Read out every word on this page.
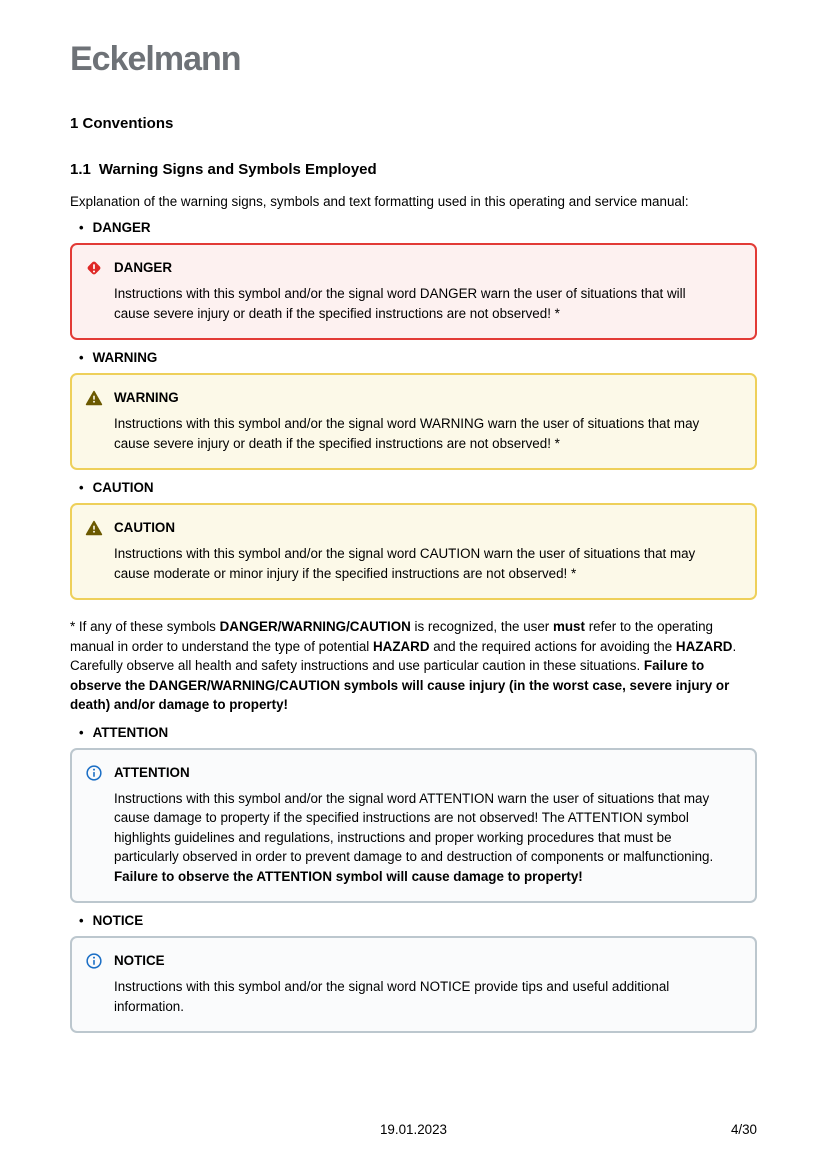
Eckelmann
1 Conventions
1.1 Warning Signs and Symbols Employed

Explanation of the warning signs, symbols and text formatting used in this operating and service manual:

• DANGER
DANGER
Instructions with this symbol and/or the signal word DANGER warn the user of situations that will cause severe injury or death if the specified instructions are not observed! *
• WARNING
WARNING
Instructions with this symbol and/or the signal word WARNING warn the user of situations that may cause severe injury or death if the specified instructions are not observed! *
• CAUTION
CAUTION
Instructions with this symbol and/or the signal word CAUTION warn the user of situations that may cause moderate or minor injury if the specified instructions are not observed! *

* If any of these symbols DANGER/WARNING/CAUTION is recognized, the user must refer to the operating manual in order to understand the type of potential HAZARD and the required actions for avoiding the HAZARD. Carefully observe all health and safety instructions and use particular caution in these situations. Failure to observe the DANGER/WARNING/CAUTION symbols will cause injury (in the worst case, severe injury or death) and/or damage to property!

• ATTENTION
ATTENTION
Instructions with this symbol and/or the signal word ATTENTION warn the user of situations that may cause damage to property if the specified instructions are not observed! The ATTENTION symbol highlights guidelines and regulations, instructions and proper working procedures that must be particularly observed in order to prevent damage to and destruction of components or malfunctioning. Failure to observe the ATTENTION symbol will cause damage to property!
• NOTICE
NOTICE
Instructions with this symbol and/or the signal word NOTICE provide tips and useful additional information.
19.01.2023	4/30
